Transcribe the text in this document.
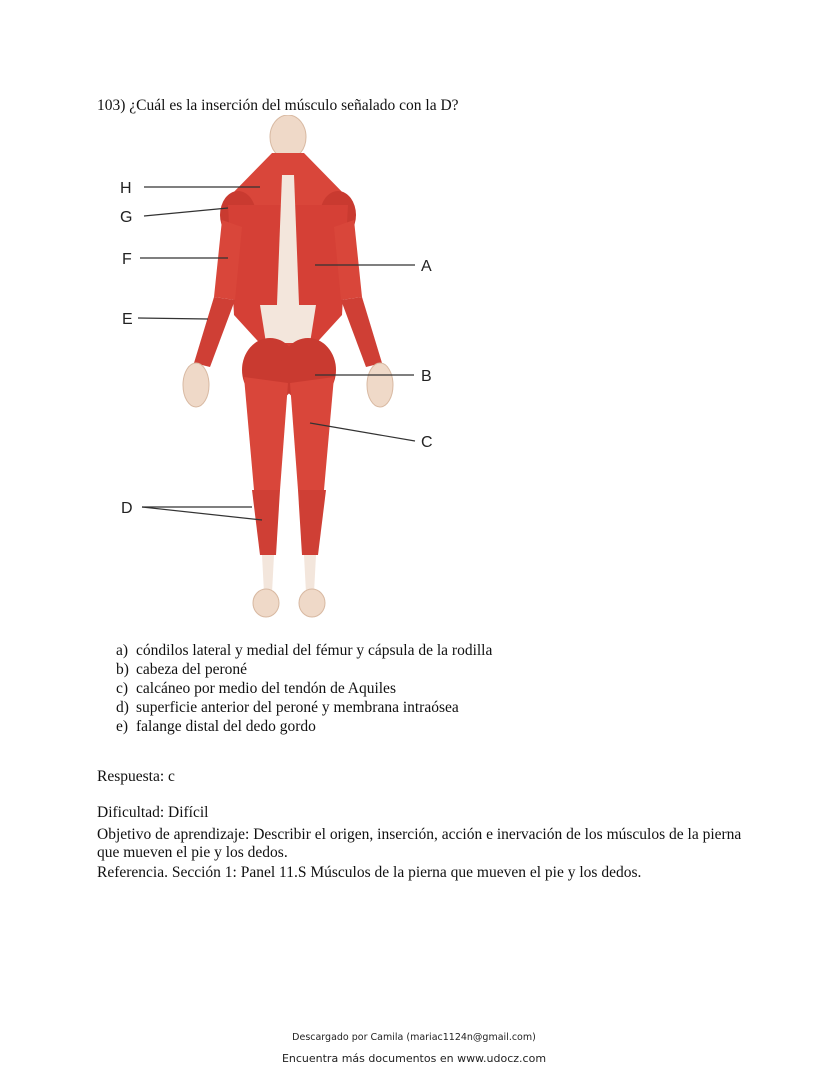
103) ¿Cuál es la inserción del músculo señalado con la D?
H
G
F
E
D
A
B
C
a) cóndilos lateral y medial del fémur y cápsula de la rodilla
b) cabeza del peroné
c) calcáneo por medio del tendón de Aquiles
d) superficie anterior del peroné y membrana intraósea
e) falange distal del dedo gordo
Respuesta: c
Dificultad: Difícil
Objetivo de aprendizaje: Describir el origen, inserción, acción e inervación de los músculos de la pierna que mueven el pie y los dedos.
Referencia. Sección 1: Panel 11.S Músculos de la pierna que mueven el pie y los dedos.
Descargado por Camila (mariac1124n@gmail.com)
Encuentra más documentos en www.udocz.com
